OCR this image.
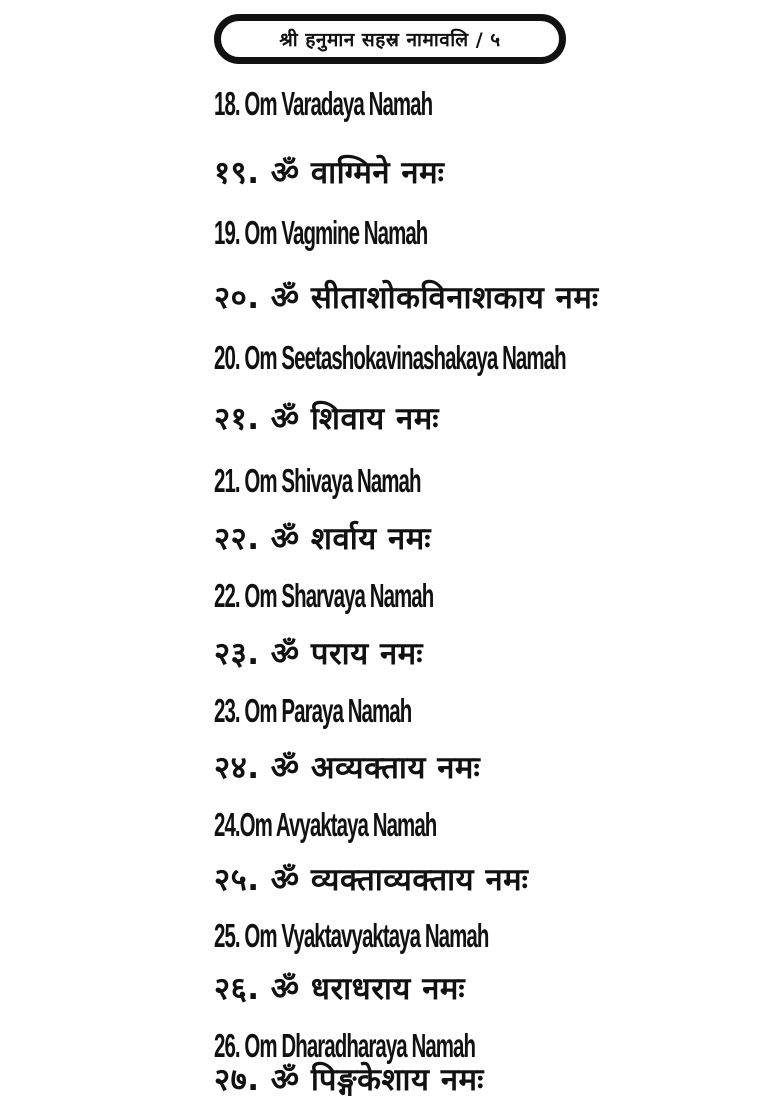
श्री हनुमान सहस्र नामावलि / ५
18. Om Varadaya Namah
१९. ॐ वाग्मिने नमः
19. Om Vagmine Namah
२०. ॐ सीताशोकविनाशकाय नमः
20. Om Seetashokavinashakaya Namah
२१. ॐ शिवाय नमः
21. Om Shivaya Namah
२२. ॐ शर्वाय नमः
22. Om Sharvaya Namah
२३. ॐ पराय नमः
23. Om Paraya Namah
२४. ॐ अव्यक्ताय नमः
24.Om Avyaktaya Namah
२५. ॐ व्यक्ताव्यक्ताय नमः
25. Om Vyaktavyaktaya Namah
२६. ॐ धराधराय नमः
26. Om Dharadharaya Namah
२७. ॐ पिङ्गकेशाय नमः
